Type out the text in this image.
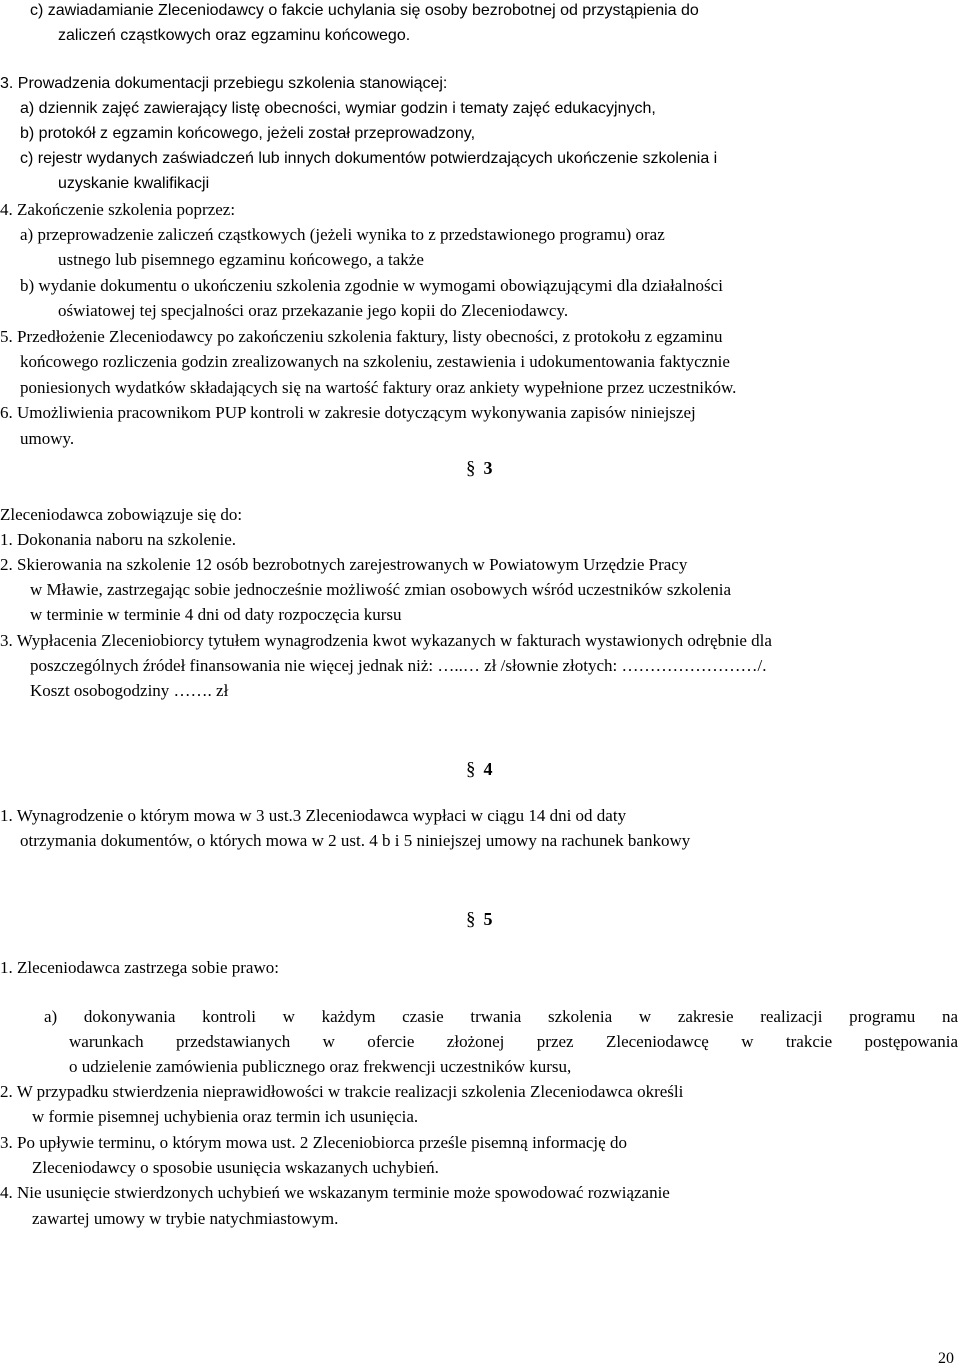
c) zawiadamianie Zleceniodawcy o fakcie uchylania się osoby bezrobotnej od przystąpienia do
zaliczeń cząstkowych oraz egzaminu końcowego.
3. Prowadzenia dokumentacji przebiegu szkolenia stanowiącej:
a) dziennik zajęć zawierający listę obecności, wymiar godzin i tematy zajęć edukacyjnych,
b) protokół z egzamin końcowego, jeżeli został przeprowadzony,
c) rejestr wydanych zaświadczeń lub innych dokumentów potwierdzających ukończenie szkolenia i
uzyskanie kwalifikacji
4. Zakończenie szkolenia poprzez:
a) przeprowadzenie zaliczeń cząstkowych (jeżeli wynika to z przedstawionego programu) oraz
ustnego lub pisemnego egzaminu końcowego, a także
b) wydanie dokumentu o ukończeniu szkolenia zgodnie w wymogami obowiązującymi dla działalności
oświatowej tej specjalności oraz przekazanie jego kopii do Zleceniodawcy.
5. Przedłożenie Zleceniodawcy po zakończeniu szkolenia faktury, listy obecności, z protokołu z egzaminu
końcowego rozliczenia godzin zrealizowanych na szkoleniu, zestawienia i udokumentowania faktycznie
poniesionych wydatków składających się na wartość faktury oraz ankiety wypełnione przez uczestników.
6. Umożliwienia pracownikom PUP kontroli w zakresie dotyczącym wykonywania zapisów niniejszej
umowy.
§ 3
Zleceniodawca zobowiązuje się do:
1. Dokonania naboru na szkolenie.
2. Skierowania na szkolenie 12 osób bezrobotnych zarejestrowanych w Powiatowym Urzędzie Pracy
w Mławie, zastrzegając sobie jednocześnie możliwość zmian osobowych wśród uczestników szkolenia
w terminie w terminie 4 dni od daty rozpoczęcia kursu
3. Wypłacenia Zleceniobiorcy tytułem wynagrodzenia kwot wykazanych w fakturach wystawionych odrębnie dla
poszczególnych źródeł finansowania nie więcej jednak niż: …..… zł /słownie złotych: ……………………/.
Koszt osobogodziny ……. zł
§ 4
1. Wynagrodzenie o którym mowa w 3 ust.3 Zleceniodawca wypłaci w ciągu 14 dni od daty
otrzymania dokumentów, o których mowa w 2 ust. 4 b i 5 niniejszej umowy na rachunek bankowy
§ 5
1. Zleceniodawca zastrzega sobie prawo:
a) dokonywania kontroli w każdym czasie trwania szkolenia w zakresie realizacji programu na
warunkach przedstawianych w ofercie złożonej przez Zleceniodawcę w trakcie postępowania
o udzielenie zamówienia publicznego oraz frekwencji uczestników kursu,
2. W przypadku stwierdzenia nieprawidłowości w trakcie realizacji szkolenia Zleceniodawca określi
w formie pisemnej uchybienia oraz termin ich usunięcia.
3. Po upływie terminu, o którym mowa ust. 2 Zleceniobiorca prześle pisemną informację do
Zleceniodawcy o sposobie usunięcia wskazanych uchybień.
4. Nie usunięcie stwierdzonych uchybień we wskazanym terminie może spowodować rozwiązanie
zawartej umowy w trybie natychmiastowym.
20
